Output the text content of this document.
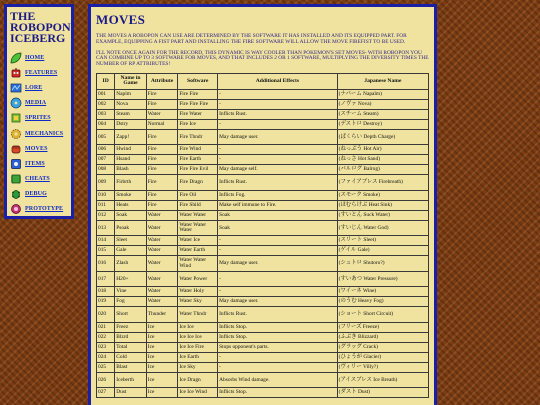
THE
ROBOPON
ICEBERG
HOME
FEATURES
LORE
MEDIA
SPRITES
MECHANICS
MOVES
ITEMS
CHEATS
DEBUG
PROTOTYPE
MOVES

THE MOVES A ROBOPON CAN USE ARE DETERMINED BY THE SOFTWARE IT HAS INSTALLED AND ITS EQUIPPED PART. FOR EXAMPLE, EQUIPPING A FIST PART AND INSTALLING THE FIRE SOFTWARE WILL ALLOW THE MOVE FIREFIST TO BE USED.

I'LL NOTE ONCE AGAIN FOR THE RECORD, THIS DYNAMIC IS WAY COOLER THAN POKEMON'S SET MOVES- WITH ROBOPON YOU CAN COMBINE UP TO 3 SOFTWARE FOR MOVES, AND THAT INCLUDES 2 OR 1 SOFTWARE, MULTIPLYING THE DIVERSITY TIMES THE NUMBER OF RP ATTRIBUTES!

ID	Name in Game	Attribute	Software	Additional Effects	Japanese Name
001	Naplm	Fire	Fire Fire	-	(ナパーム Napalm)
002	Nova	Fire	Fire Fire Fire	-	(ノヴァ Nova)
003	Steam	Water	Fire Water	Inflicts Rust.	(スチーム Steam)
004	Dstry	Normal	Fire Ice	-	(デストロ Destroy)
005	Zapp!	Fire	Fire Thndr	May damage user.	(ばくらい Depth Charge)
006	Hwind	Fire	Fire Wind	-	(ねっぷう Hot Air)
007	Hsand	Fire	Fire Earth	-	(ねっさ Hot Sand)
008	Blash	Fire	Fire Fire Evil	May damage self.	(バルログ Balrog)
009	Firbrth	Fire	Fire Dragn	Inflicts Rust.	(ファイアブレス Firebreath)
010	Smoke	Fire	Fire Oil	Inflicts Fog.	(スモーク Smoke)
011	Heats	Fire	Fire Shild	Make self immune to Fire.	(ほむらけぶ Heat Sink)
012	Soak	Water	Water Water	Soak	(すいとん Suck Water)
013	Psoak	Water	Water Water Water	Soak	(すいじん Water God)
014	Sleet	Water	Water Ice	-	(スリート Sleet)
015	Gale	Water	Water Earth	-	(ゲイル Gale)
016	Zlash	Water	Water Water Wind	May damage user.	(シュトロ Shutoro?)
017	H20+	Water	Water Power	-	(すいあつ Water Pressure)
018	Vine	Water	Water Holy	-	(ワイーネ Wine)
019	Fog	Water	Water Sky	May damage user.	(のうむ Heavy Fog)
020	Short	Thunder	Water Thndr	Inflicts Rust.	(ショート Short Circuit)
021	Freez	Ice	Ice Ice	Inflicts Stop.	(フリーズ Freeze)
022	Blzrd	Ice	Ice Ice Ice	Inflicts Stop.	(ふぶき Blizzard)
023	Total	Ice	Ice Ice Fire	Stops opponent's parts.	(グラッグ Crack)
024	Cold	Ice	Ice Earth	-	(ひょうが Glacier)
025	Blast	Ice	Ice Sky	-	(ヴィリー Villy?)
026	Iceberth	Ice	Ice Dragn	Absorbs Wind damage.	(アイスブレス Ice Breath)
027	Dust	Ice	Ice Ice Wind	Inflicts Stop.	(ダスト Dust)
